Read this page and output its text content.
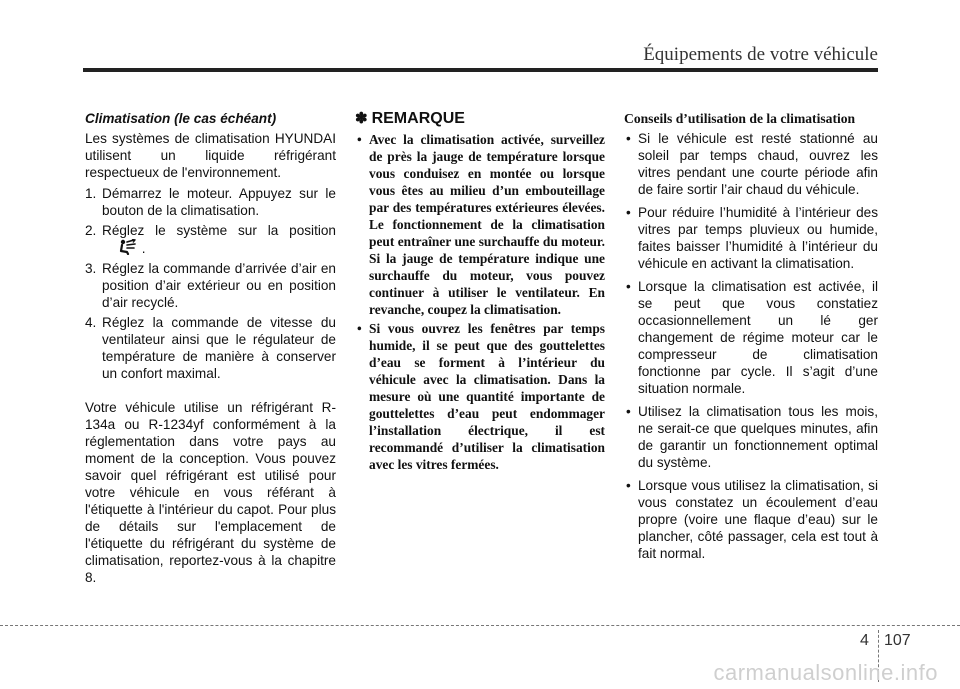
Équipements de votre véhicule
Climatisation (le cas échéant)

Les systèmes de climatisation HYUNDAI utilisent un liquide réfrigérant respectueux de l'environnement.

1. Démarrez le moteur. Appuyez sur le bouton de la climatisation.
2. Réglez le système sur la position  .
3. Réglez la commande d’arrivée d’air en position d’air extérieur ou en position d’air recyclé.
4. Réglez la commande de vitesse du ventilateur ainsi que le régulateur de température de manière à conserver un confort maximal.

Votre véhicule utilise un réfrigérant R-134a ou R-1234yf conformément à la réglementation dans votre pays au moment de la conception. Vous pouvez savoir quel réfrigérant est utilisé pour votre véhicule en vous référant à l'étiquette à l'intérieur du capot. Pour plus de détails sur l'emplacement de l'étiquette du réfrigérant du système de climatisation, reportez-vous à la chapitre 8.

✽ REMARQUE
• Avec la climatisation activée, surveillez de près la jauge de température lorsque vous conduisez en montée ou lorsque vous êtes au milieu d’un embouteillage par des températures extérieures élevées. Le fonctionnement de la climatisation peut entraîner une surchauffe du moteur. Si la jauge de température indique une surchauffe du moteur, vous pouvez continuer à utiliser le ventilateur. En revanche, coupez la climatisation.
• Si vous ouvrez les fenêtres par temps humide, il se peut que des gouttelettes d’eau se forment à l’intérieur du véhicule avec la climatisation. Dans la mesure où une quantité importante de gouttelettes d’eau peut endommager l’installation électrique, il est recommandé d’utiliser la climatisation avec les vitres fermées.
Conseils d’utilisation de la climatisation
• Si le véhicule est resté stationné au soleil par temps chaud, ouvrez les vitres pendant une courte période afin de faire sortir l’air chaud du véhicule.
• Pour réduire l’humidité à l’intérieur des vitres par temps pluvieux ou humide, faites baisser l’humidité à l’intérieur du véhicule en activant la climatisation.
• Lorsque la climatisation est activée, il se peut que vous constatiez occasionnellement un lé ger changement de régime moteur car le compresseur de climatisation fonctionne par cycle. Il s’agit d’une situation normale.
• Utilisez la climatisation tous les mois, ne serait-ce que quelques minutes, afin de garantir un fonctionnement optimal du système.
• Lorsque vous utilisez la climatisation, si vous constatez un écoulement d’eau propre (voire une flaque d’eau) sur le plancher, côté passager, cela est tout à fait normal.
4 107
carmanualsonline.info
